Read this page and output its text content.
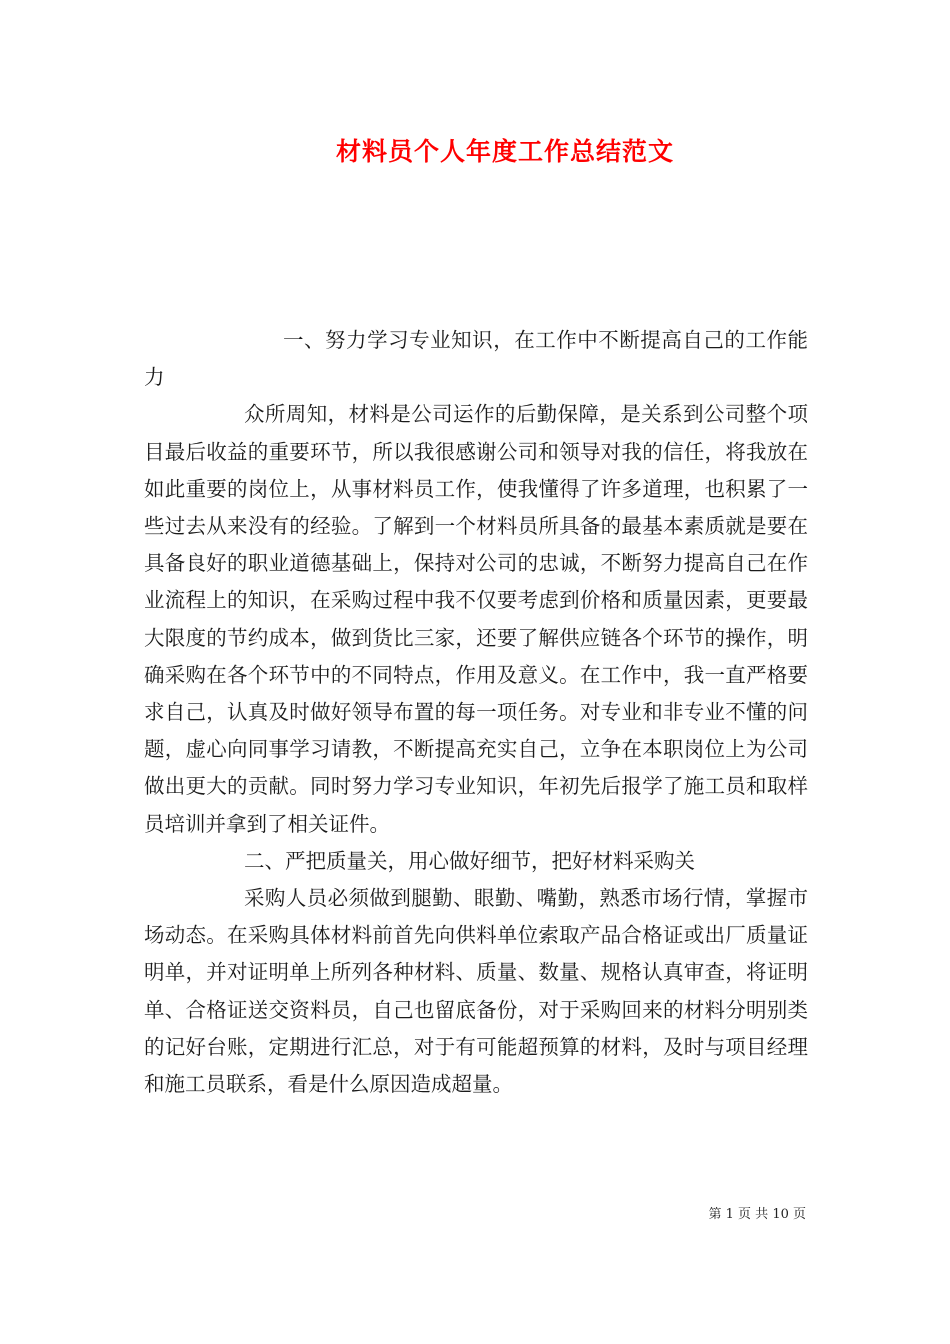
材料员个人年度工作总结范文

一、努力学习专业知识，在工作中不断提高自己的工作能力

众所周知，材料是公司运作的后勤保障，是关系到公司整个项目最后收益的重要环节，所以我很感谢公司和领导对我的信任，将我放在如此重要的岗位上，从事材料员工作，使我懂得了许多道理，也积累了一些过去从来没有的经验。了解到一个材料员所具备的最基本素质就是要在具备良好的职业道德基础上，保持对公司的忠诚，不断努力提高自己在作业流程上的知识，在采购过程中我不仅要考虑到价格和质量因素，更要最大限度的节约成本，做到货比三家，还要了解供应链各个环节的操作，明确采购在各个环节中的不同特点，作用及意义。在工作中，我一直严格要求自己，认真及时做好领导布置的每一项任务。对专业和非专业不懂的问题，虚心向同事学习请教，不断提高充实自己，立争在本职岗位上为公司做出更大的贡献。同时努力学习专业知识，年初先后报学了施工员和取样员培训并拿到了相关证件。

二、严把质量关，用心做好细节，把好材料采购关

采购人员必须做到腿勤、眼勤、嘴勤，熟悉市场行情，掌握市场动态。在采购具体材料前首先向供料单位索取产品合格证或出厂质量证明单，并对证明单上所列各种材料、质量、数量、规格认真审查，将证明单、合格证送交资料员，自己也留底备份，对于采购回来的材料分明别类的记好台账，定期进行汇总，对于有可能超预算的材料，及时与项目经理和施工员联系，看是什么原因造成超量。

第 1 页 共 10 页
